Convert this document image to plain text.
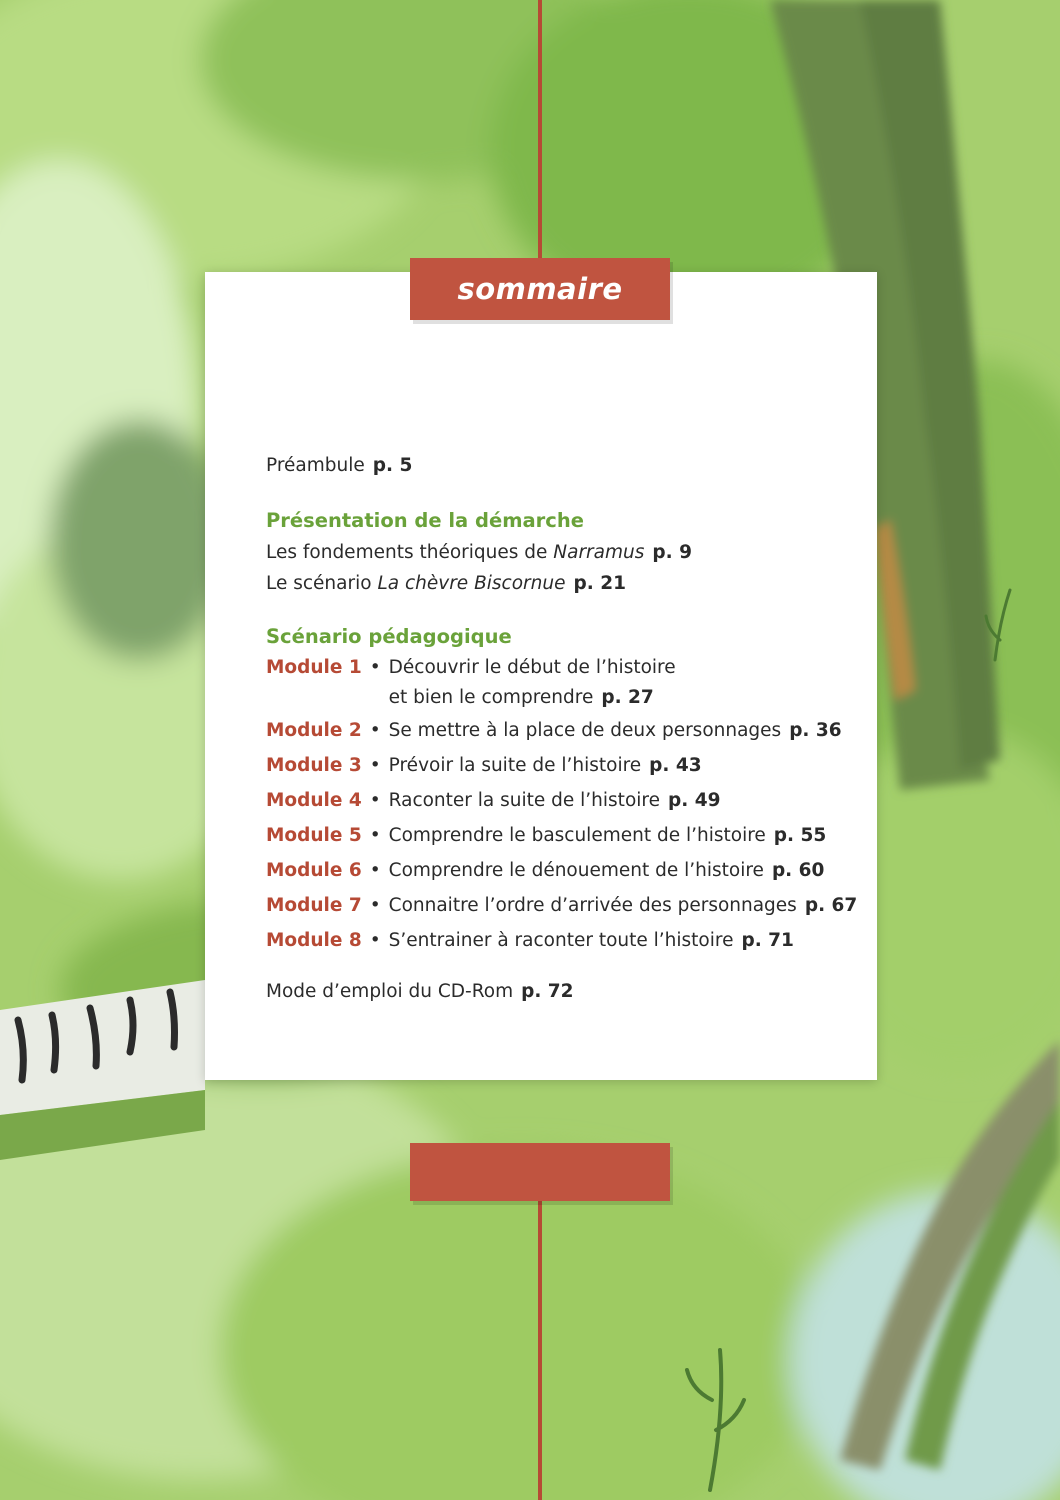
sommaire
Préambule p. 5
Présentation de la démarche
Les fondements théoriques de Narramus p. 9
Le scénario La chèvre Biscornue p. 21
Scénario pédagogique
Module 1 • Découvrir le début de l’histoire
et bien le comprendre p. 27
Module 2 • Se mettre à la place de deux personnages p. 36
Module 3 • Prévoir la suite de l’histoire p. 43
Module 4 • Raconter la suite de l’histoire p. 49
Module 5 • Comprendre le basculement de l’histoire p. 55
Module 6 • Comprendre le dénouement de l’histoire p. 60
Module 7 • Connaitre l’ordre d’arrivée des personnages p. 67
Module 8 • S’entrainer à raconter toute l’histoire p. 71
Mode d’emploi du CD-Rom p. 72
